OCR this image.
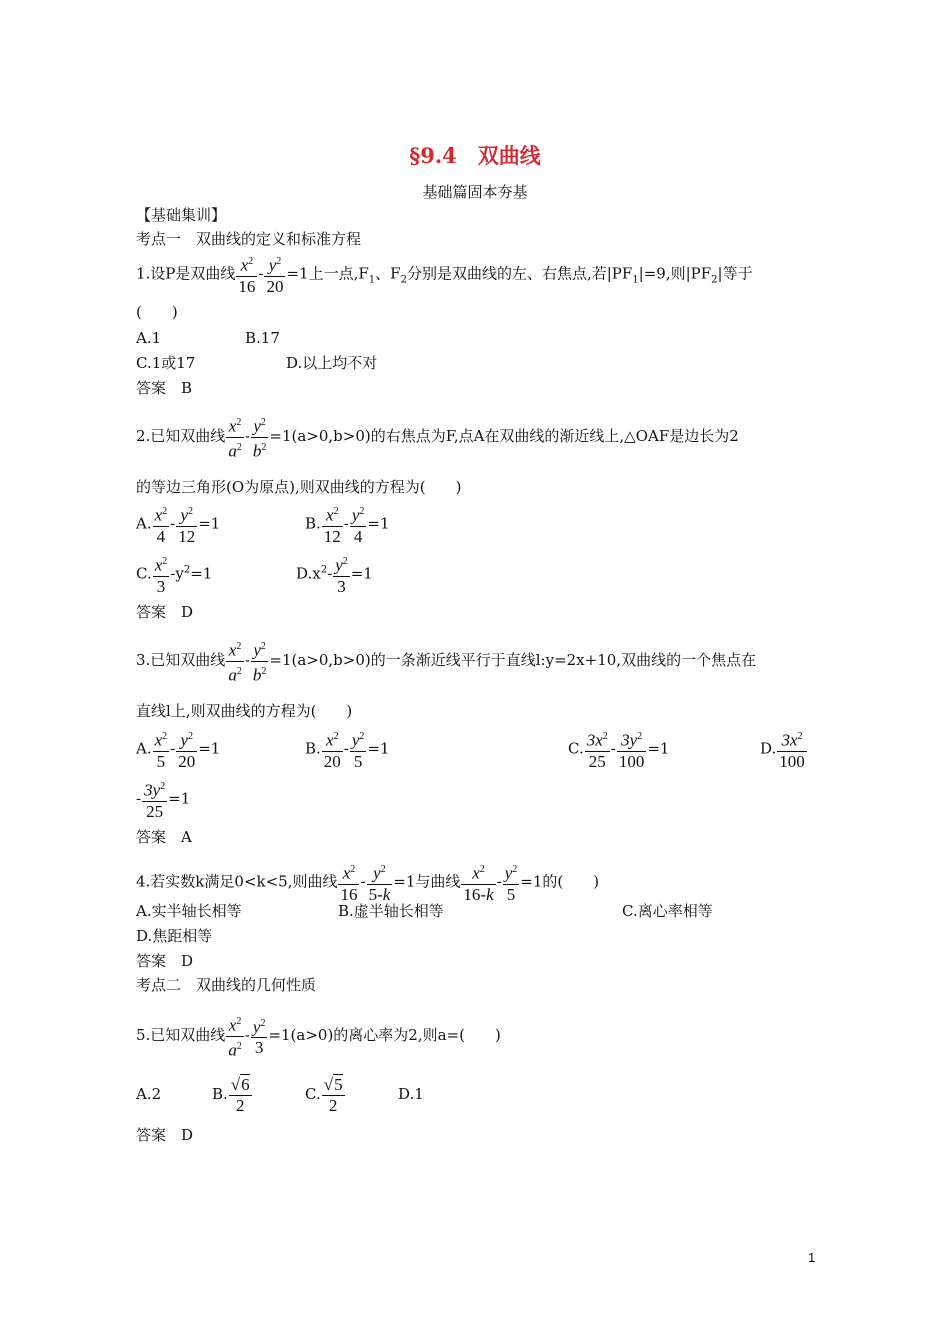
§9.4　双曲线
基础篇固本夯基
【基础集训】
考点一　双曲线的定义和标准方程
1.设P是双曲线 $\frac{x^2}{16} - \frac{y^2}{20} =1$上一点$,F_1$、$F_2$分别是双曲线的左、右焦点,若$|PF_1|=9$,则$|PF_2|$等于
(　　)
A.1	B.17
C.1或17	D.以上均不对
答案　B
2.已知双曲线 $\frac{x^2}{a^2} - \frac{y^2}{b^2} =1(a>0,b>0)$的右焦点为F,点A在双曲线的渐近线上,△OAF是边长为2
的等边三角形(O为原点),则双曲线的方程为(　　)
A. $\frac{x^2}{4} - \frac{y^2}{12} =1$	B. $\frac{x^2}{12} - \frac{y^2}{4} =1$
C. $\frac{x^2}{3} -y^2=1$	$D.x^2- \frac{y^2}{3} =1$
答案　D
3.已知双曲线 $\frac{x^2}{a^2} - \frac{y^2}{b^2} =1(a>0,b>0)$的一条渐近线平行于直线l:y=2x+10,双曲线的一个焦点在
直线l上,则双曲线的方程为(　　)
A. $\frac{x^2}{5} - \frac{y^2}{20} =1$	B. $\frac{x^2}{20} - \frac{y^2}{5} =1$	C. $\frac{3x^2}{25} - \frac{3y^2}{100} =1$	D. $\frac{3x^2}{100}$
- $\frac{3y^2}{25} =1$
答案　A
4.若实数k满足0<k<5,则曲线 $\frac{x^2}{16} - \frac{y^2}{5-k} =1$与曲线 $\frac{x^2}{16-k} - \frac{y^2}{5} =1$的(　　)
A.实半轴长相等	B.虚半轴长相等	C.离心率相等
D.焦距相等
答案　D
考点二　双曲线的几何性质
5.已知双曲线 $\frac{x^2}{a^2} - \frac{y^2}{3} =1(a>0)$的离心率为2,则a=(　　)
A.2	B. $\frac{√6}{2}$	C. $\frac{√5}{2}$	D.1
答案　D
1
